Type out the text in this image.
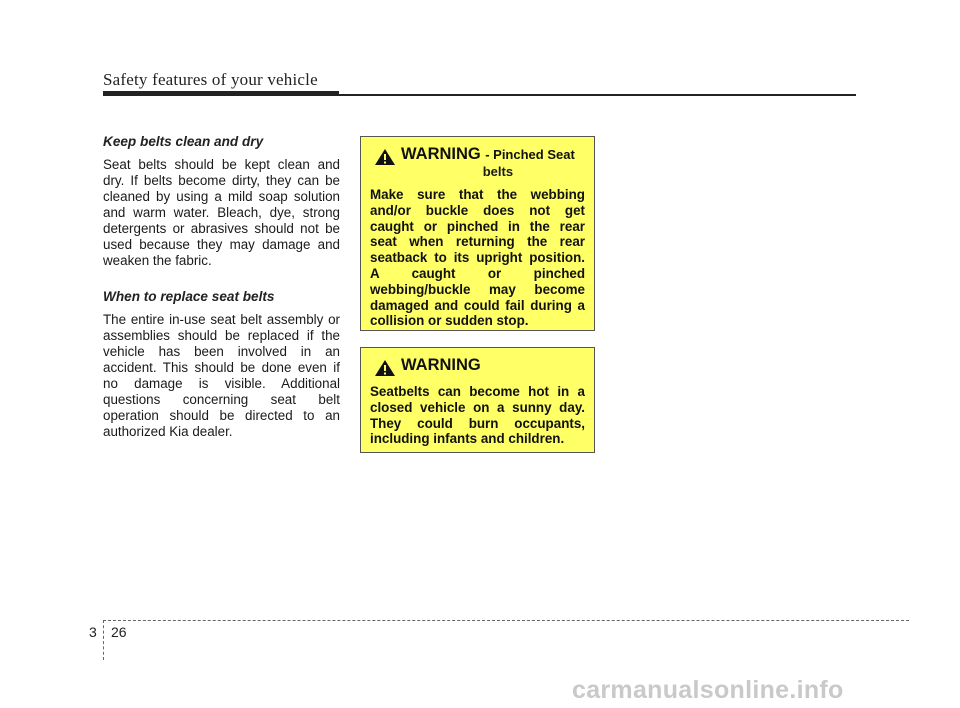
Safety features of your vehicle
Keep belts clean and dry
Seat belts should be kept clean and dry. If belts become dirty, they can be cleaned by using a mild soap solution and warm water. Bleach, dye, strong detergents or abrasives should not be used because they may damage and weaken the fabric.
When to replace seat belts
The entire in-use seat belt assembly or assemblies should be replaced if the vehicle has been involved in an accident. This should be done even if no damage is visible. Additional questions concerning seat belt operation should be directed to an authorized Kia dealer.
WARNING - Pinched Seat
belts
Make sure that the webbing and/or buckle does not get caught or pinched in the rear seat when returning the rear seatback to its upright position. A caught or pinched webbing/buckle may become damaged and could fail during a collision or sudden stop.
WARNING
Seatbelts can become hot in a closed vehicle on a sunny day. They could burn occupants, including infants and children.
3 26
carmanualsonline.info
